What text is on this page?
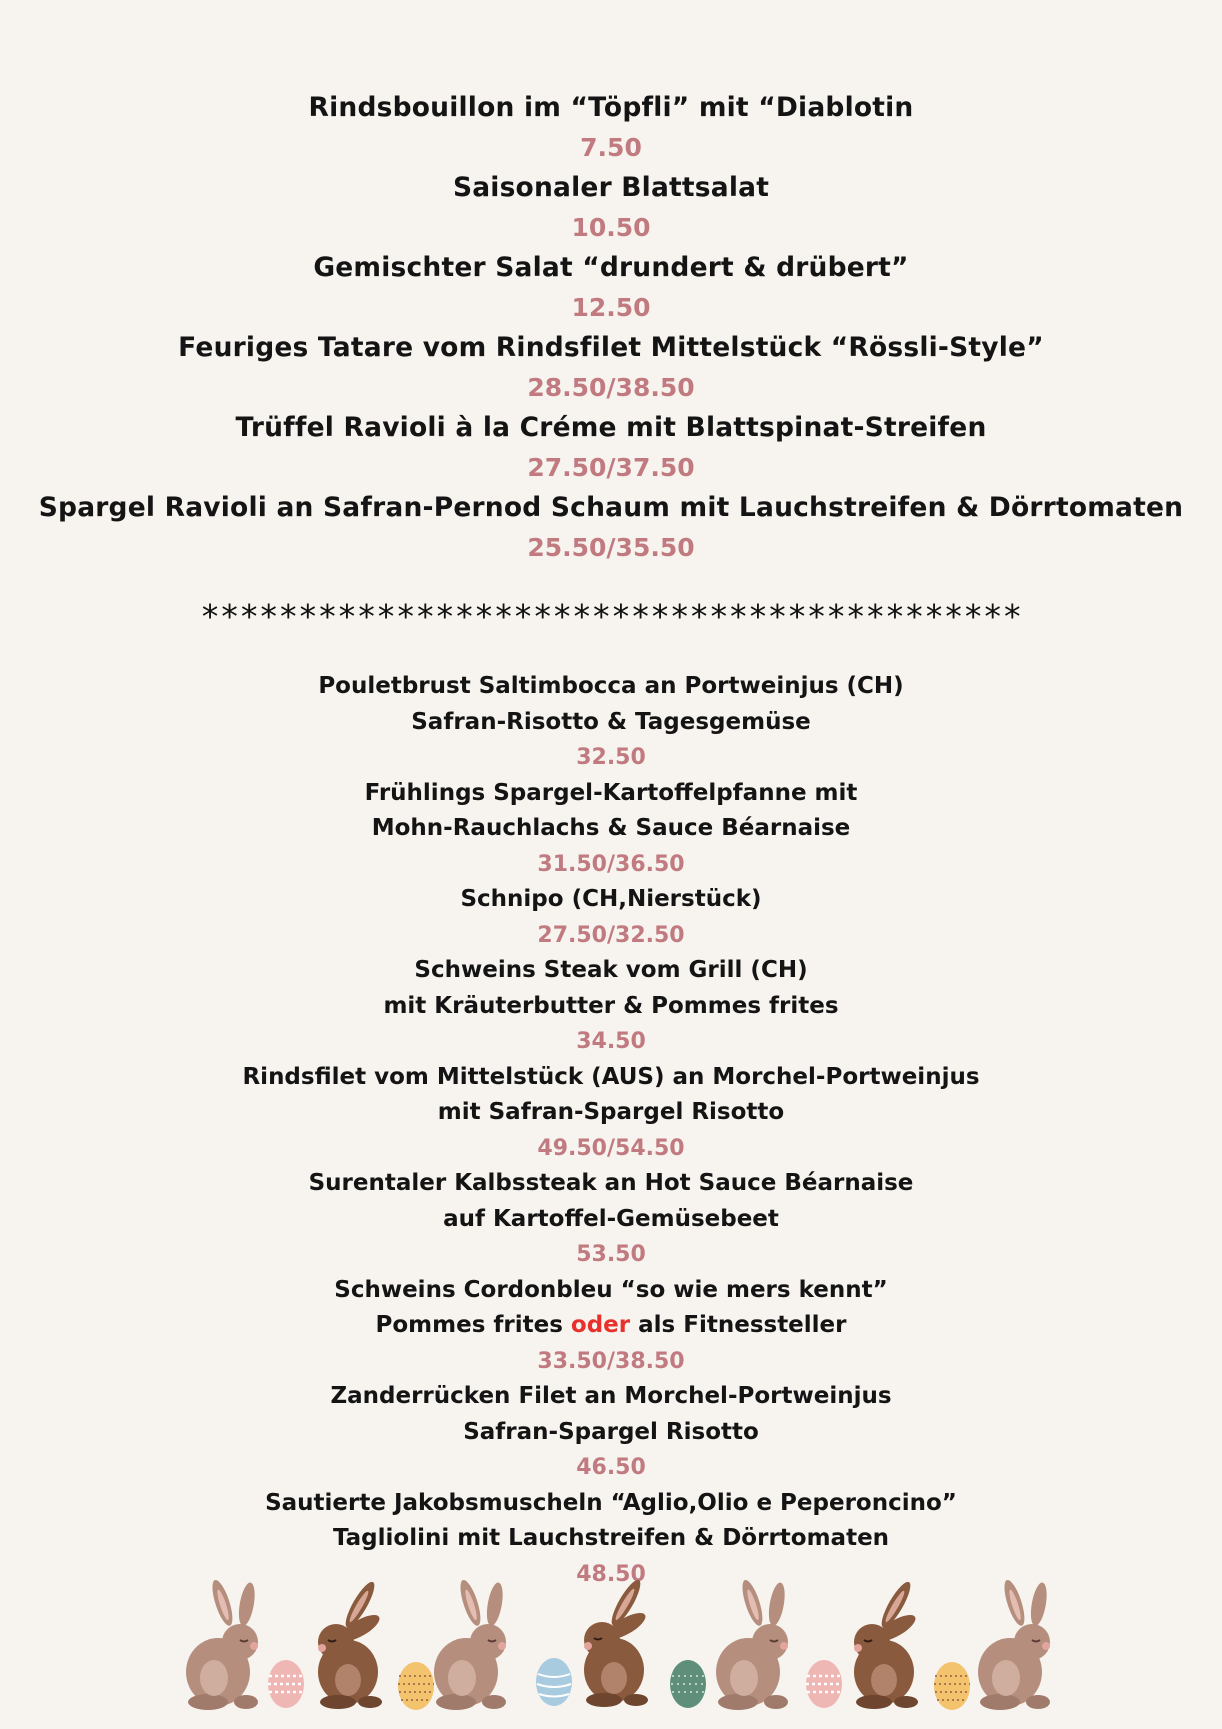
Rindsbouillon im “Töpfli” mit “Diablotin
7.50
Saisonaler Blattsalat
10.50
Gemischter Salat “drundert & drübert”
12.50
Feuriges Tatare vom Rindsfilet Mittelstück “Rössli-Style”
28.50/38.50
Trüffel Ravioli à la Créme mit Blattspinat-Streifen
27.50/37.50
Spargel Ravioli an Safran-Pernod Schaum mit Lauchstreifen & Dörrtomaten
25.50/35.50
******************************************
Pouletbrust Saltimbocca an Portweinjus (CH)
Safran-Risotto & Tagesgemüse
32.50
Frühlings Spargel-Kartoffelpfanne mit
Mohn-Rauchlachs & Sauce Béarnaise
31.50/36.50
Schnipo (CH,Nierstück)
27.50/32.50
Schweins Steak vom Grill (CH)
mit Kräuterbutter & Pommes frites
34.50
Rindsfilet vom Mittelstück (AUS) an Morchel-Portweinjus
mit Safran-Spargel Risotto
49.50/54.50
Surentaler Kalbssteak an Hot Sauce Béarnaise
auf Kartoffel-Gemüsebeet
53.50
Schweins Cordonbleu “so wie mers kennt”
Pommes frites oder als Fitnessteller
33.50/38.50
Zanderrücken Filet an Morchel-Portweinjus
Safran-Spargel Risotto
46.50
Sautierte Jakobsmuscheln “Aglio,Olio e Peperoncino”
Tagliolini mit Lauchstreifen & Dörrtomaten
48.50
